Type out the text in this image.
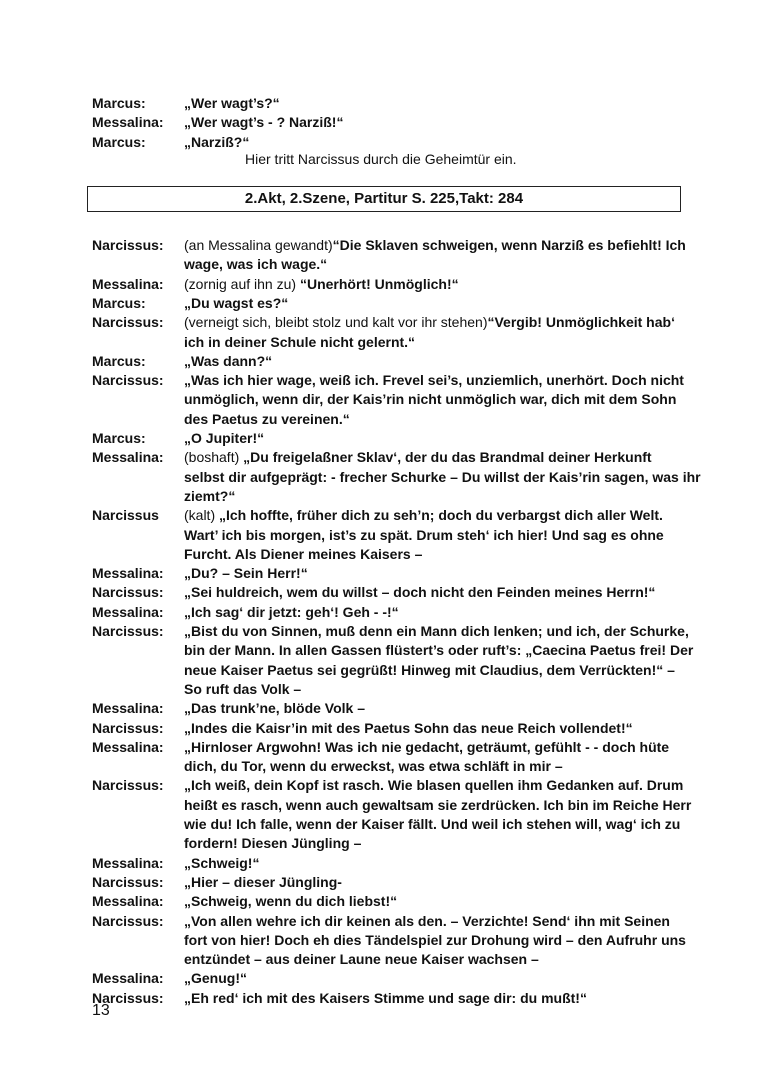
Marcus:	„Wer wagt’s?“
Messalina: „Wer wagt’s - ? Narziß!“
Marcus:	„Narziß?“
Hier tritt Narcissus durch die Geheimtür ein.
2.Akt, 2.Szene, Partitur S. 225,Takt: 284
Narcissus: (an Messalina gewandt)“Die Sklaven schweigen, wenn Narziß es befiehlt! Ich
wage, was ich wage.“
Messalina: (zornig auf ihn zu) “Unerhört! Unmöglich!“
Marcus:	„Du wagst es?“
Narcissus: (verneigt sich, bleibt stolz und kalt vor ihr stehen)“Vergib! Unmöglichkeit hab‘
ich in deiner Schule nicht gelernt.“
Marcus:	„Was dann?“
Narcissus: „Was ich hier wage, weiß ich. Frevel sei’s, unziemlich, unerhört. Doch nicht
unmöglich, wenn dir, der Kais’rin nicht unmöglich war, dich mit dem Sohn
des Paetus zu vereinen.“
Marcus:	„O Jupiter!“
Messalina: (boshaft) „Du freigelaßner Sklav‘, der du das Brandmal deiner Herkunft
selbst dir aufgeprägt: - frecher Schurke – Du willst der Kais’rin sagen, was ihr
ziemt?“
Narcissus (kalt) „Ich hoffte, früher dich zu seh’n; doch du verbargst dich aller Welt.
Wart’ ich bis morgen, ist’s zu spät. Drum steh‘ ich hier! Und sag es ohne
Furcht. Als Diener meines Kaisers –
Messalina: „Du? – Sein Herr!“
Narcissus: „Sei huldreich, wem du willst – doch nicht den Feinden meines Herrn!“
Messalina: „Ich sag‘ dir jetzt: geh‘! Geh - -!“
Narcissus: „Bist du von Sinnen, muß denn ein Mann dich lenken; und ich, der Schurke,
bin der Mann. In allen Gassen flüstert’s oder ruft’s: „Caecina Paetus frei! Der
neue Kaiser Paetus sei gegrüßt! Hinweg mit Claudius, dem Verrückten!“ –
So ruft das Volk –
Messalina: „Das trunk’ne, blöde Volk –
Narcissus: „Indes die Kaisr’in mit des Paetus Sohn das neue Reich vollendet!“
Messalina: „Hirnloser Argwohn! Was ich nie gedacht, geträumt, gefühlt - - doch hüte
dich, du Tor, wenn du erweckst, was etwa schläft in mir –
Narcissus: „Ich weiß, dein Kopf ist rasch. Wie blasen quellen ihm Gedanken auf. Drum
heißt es rasch, wenn auch gewaltsam sie zerdrücken. Ich bin im Reiche Herr
wie du! Ich falle, wenn der Kaiser fällt. Und weil ich stehen will, wag‘ ich zu
fordern! Diesen Jüngling –
Messalina: „Schweig!“
Narcissus: „Hier – dieser Jüngling-
Messalina: „Schweig, wenn du dich liebst!“
Narcissus: „Von allen wehre ich dir keinen als den. – Verzichte! Send‘ ihn mit Seinen
fort von hier! Doch eh dies Tändelspiel zur Drohung wird – den Aufruhr uns
entzündet – aus deiner Laune neue Kaiser wachsen –
Messalina: „Genug!“
Narcissus: „Eh red‘ ich mit des Kaisers Stimme und sage dir: du mußt!“
13
